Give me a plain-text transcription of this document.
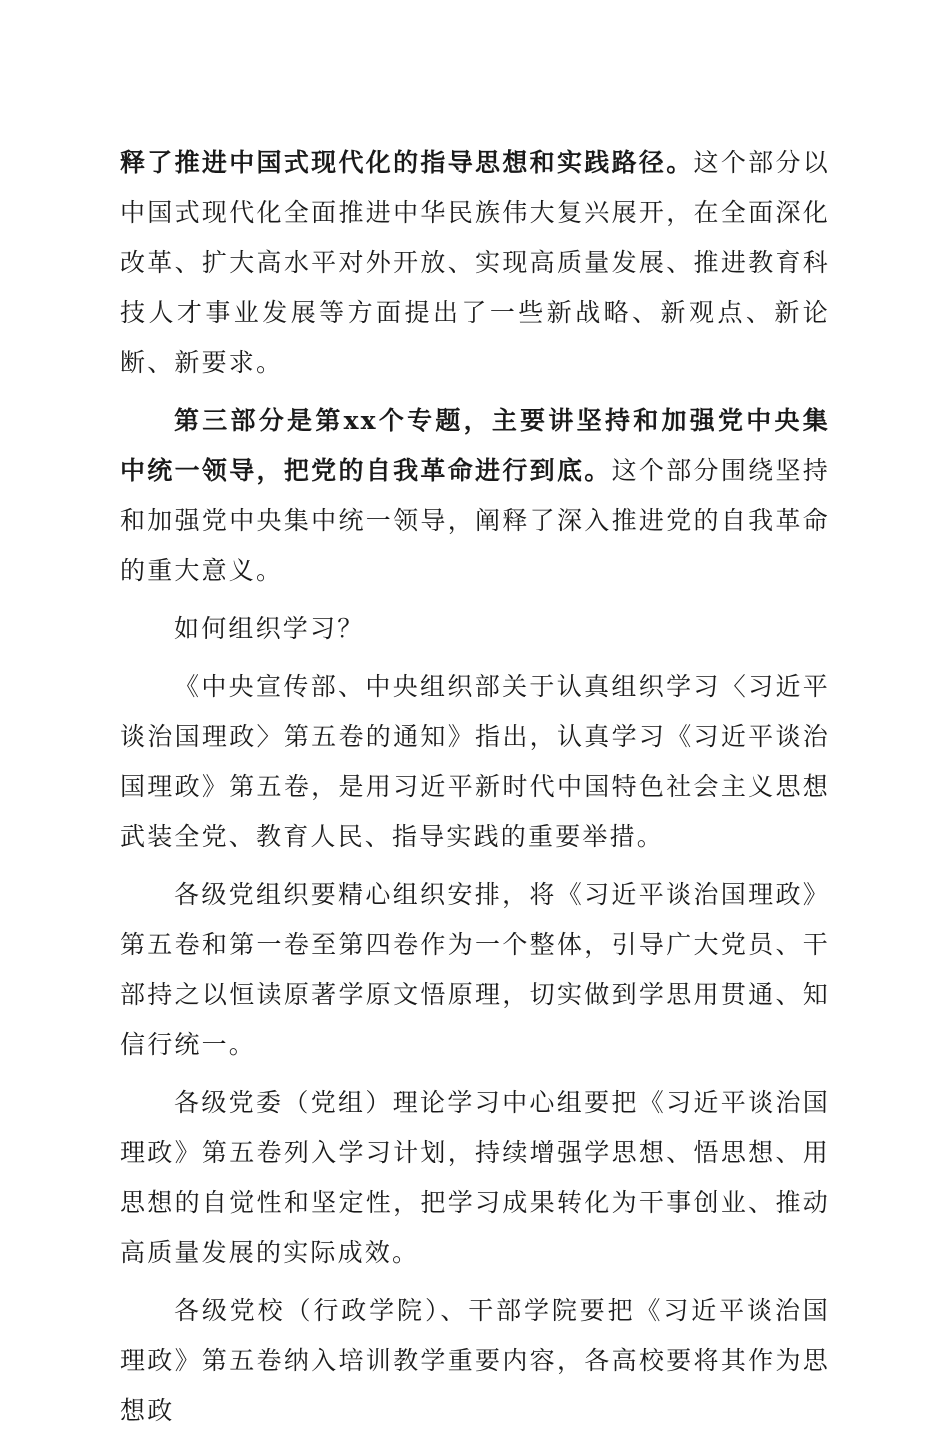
释了推进中国式现代化的指导思想和实践路径。这个部分以中国式现代化全面推进中华民族伟大复兴展开，在全面深化改革、扩大高水平对外开放、实现高质量发展、推进教育科技人才事业发展等方面提出了一些新战略、新观点、新论断、新要求。

第三部分是第xx个专题，主要讲坚持和加强党中央集中统一领导，把党的自我革命进行到底。这个部分围绕坚持和加强党中央集中统一领导，阐释了深入推进党的自我革命的重大意义。

如何组织学习？

《中央宣传部、中央组织部关于认真组织学习〈习近平谈治国理政〉第五卷的通知》指出，认真学习《习近平谈治国理政》第五卷，是用习近平新时代中国特色社会主义思想武装全党、教育人民、指导实践的重要举措。

各级党组织要精心组织安排，将《习近平谈治国理政》第五卷和第一卷至第四卷作为一个整体，引导广大党员、干部持之以恒读原著学原文悟原理，切实做到学思用贯通、知信行统一。

各级党委（党组）理论学习中心组要把《习近平谈治国理政》第五卷列入学习计划，持续增强学思想、悟思想、用思想的自觉性和坚定性，把学习成果转化为干事创业、推动高质量发展的实际成效。

各级党校（行政学院）、干部学院要把《习近平谈治国理政》第五卷纳入培训教学重要内容，各高校要将其作为思想政
